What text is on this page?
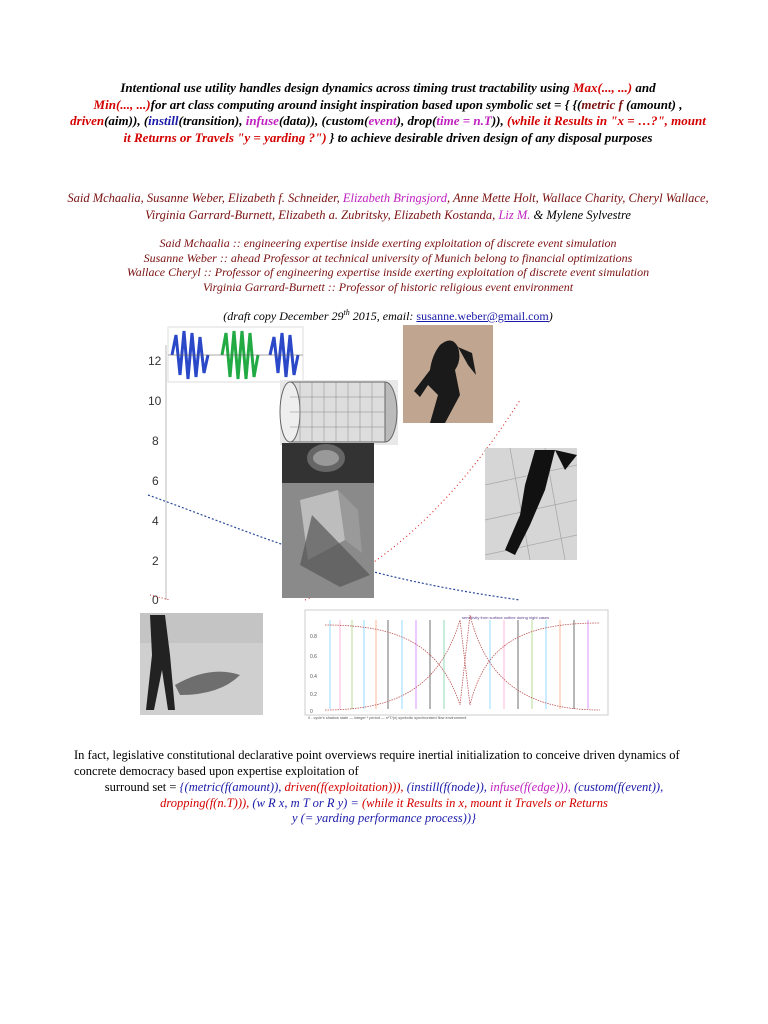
Intentional use utility handles design dynamics across timing trust tractability using Max(..., ...) and
Min(..., ...)for art class computing around insight inspiration based upon symbolic set = { {(metric f (amount) , driven(aim)), (instill(transition), infuse(data)), (custom(event), drop(time = n.T)), (while it Results in "x = …?", mount it Returns or Travels "y = yarding ?") } to achieve desirable driven design of any disposal purposes
Said Mchaalia, Susanne Weber, Elizabeth f. Schneider, Elizabeth Bringsjord, Anne Mette Holt, Wallace Charity, Cheryl Wallace, Virginia Garrard-Burnett, Elizabeth a. Zubritsky, Elizabeth Kostanda, Liz M. & Mylene Sylvestre
Said Mchaalia :: engineering expertise inside exerting exploitation of discrete event simulation
Susanne Weber :: ahead Professor at technical university of Munich belong to financial optimizations
Wallace Cheryl :: Professor of engineering expertise inside exerting exploitation of discrete event simulation
Virginia Garrard-Burnett :: Professor of historic religious event environment
(draft copy December 29th 2015, email: susanne.weber@gmail.com)
12
10
8
6
4
2
0
0.8
0.6
0.4
0.2
0
sensitivity from surface outline during night cases
0 - cycle's shadow state — integer * period — n*T/(n) symbolic synchronised flow environment
In fact, legislative constitutional declarative point overviews require inertial initialization to conceive driven dynamics of concrete democracy based upon expertise exploitation of
surround set = {(metric(f(amount)), driven(f(exploitation))), (instill(f(node)), infuse(f(edge))), (custom(f(event)), dropping(f(n.T))), (w R x, m T or R y) = (while it Results in x, mount it Travels or Returns
y (= yarding performance process))}
